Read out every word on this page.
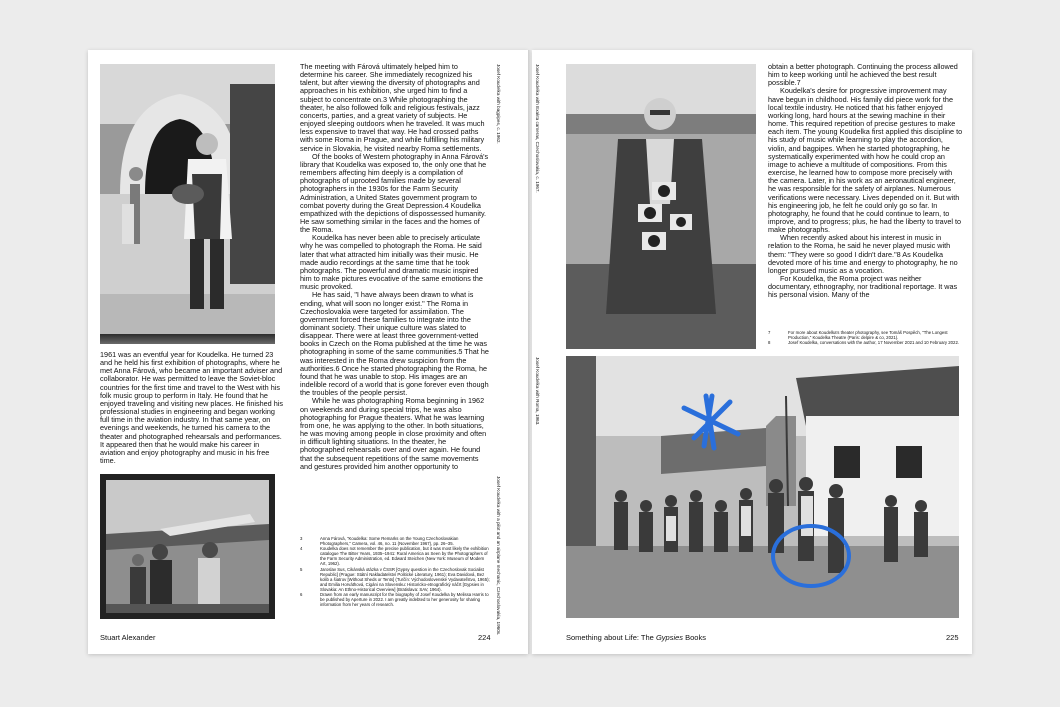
Josef Koudelka with bagpipes, c. 1962.

1961 was an eventful year for Koudelka. He turned 23 and he held his first exhibition of photographs, where he met Anna Fárová, who became an important adviser and collaborator. He was permitted to leave the Soviet-bloc countries for the first time and travel to the West with his folk music group to perform in Italy. He found that he enjoyed traveling and visiting new places. He finished his professional studies in engineering and began working full time in the aviation industry. In that same year, on evenings and weekends, he turned his camera to the theater and photographed rehearsals and performances. It appeared then that he would make his career in aviation and enjoy photography and music in his free time.

Josef Koudelka with a pilot and an airplane mechanic, Czechoslovakia, 1960s.

The meeting with Fárová ultimately helped him to determine his career. She immediately recognized his talent, but after viewing the diversity of photographs and approaches in his exhibition, she urged him to find a subject to concentrate on.3 While photographing the theater, he also followed folk and religious festivals, jazz concerts, parties, and a great variety of subjects. He enjoyed sleeping outdoors when he traveled. It was much less expensive to travel that way. He had crossed paths with some Roma in Prague, and while fulfilling his military service in Slovakia, he visited nearby Roma settlements.

Of the books of Western photography in Anna Fárová's library that Koudelka was exposed to, the only one that he remembers affecting him deeply is a compilation of photographs of uprooted families made by several photographers in the 1930s for the Farm Security Administration, a United States government program to combat poverty during the Great Depression.4 Koudelka empathized with the depictions of dispossessed humanity. He saw something similar in the faces and the homes of the Roma.

Koudelka has never been able to precisely articulate why he was compelled to photograph the Roma. He said later that what attracted him initially was their music. He made audio recordings at the same time that he took photographs. The powerful and dramatic music inspired him to make pictures evocative of the same emotions the music provoked.

He has said, "I have always been drawn to what is ending, what will soon no longer exist." The Roma in Czechoslovakia were targeted for assimilation. The government forced these families to integrate into the dominant society. Their unique culture was slated to disappear. There were at least three government-vetted books in Czech on the Roma published at the time he was photographing in some of the same communities.5 That he was interested in the Roma drew suspicion from the authorities.6 Once he started photographing the Roma, he found that he was unable to stop. His images are an indelible record of a world that is gone forever even though the troubles of the people persist.

While he was photographing Roma beginning in 1962 on weekends and during special trips, he was also photographing for Prague theaters. What he was learning from one, he was applying to the other. In both situations, he was moving among people in close proximity and often in difficult lighting situations. In the theater, he photographed rehearsals over and over again. He found that the subsequent repetitions of the same movements and gestures provided him another opportunity to

3	Anna Fárová, "Koudelka: Some Remarks on the Young Czechoslovakian Photographers," Camera, vol. 46, no. 11 (November 1967), pp. 26–35.
4	Koudelka does not remember the precise publication, but it was most likely the exhibition catalogue The Bitter Years, 1935–1941: Rural America as Seen by the Photographers of the Farm Security Administration, ed. Edward Steichen (New York: Museum of Modern Art, 1962).
5	Jaroslav Sus, Cikánská otázka v ČSSR [Gypsy question in the Czechoslovak Socialist Republic] (Prague: Státní Nakladatelství Politické Literatury, 1961); Eva Davidová, Bez kolib a šiatrov [Without Sheds or Tents] (Turčín: Východoslovenské Vydavateľstvo, 1965); and Emilia Horváthová, Cigáni na Slovensku: Historicko-etnografický náčrt [Gypsies in Slovakia: An Ethno-Historical Overview] (Bratislava: SAV, 1964).
6	Drawn from an early manuscript for the biography of Josef Koudelka by Melissa Harris to be published by Aperture in 2022. I am greatly indebted to her generosity for sharing information from her years of research.
Stuart Alexander	224
Josef Koudelka with Exakta cameras, Czechoslovakia, c. 1967.	obtain a better photograph. Continuing the process allowed him to keep working until he achieved the best result possible.7

Koudelka's desire for progressive improvement may have begun in childhood. His family did piece work for the local textile industry. He noticed that his father enjoyed working long, hard hours at the sewing machine in their home. This required repetition of precise gestures to make each item. The young Koudelka first applied this discipline to his study of music while learning to play the accordion, violin, and bagpipes. When he started photographing, he systematically experimented with how he could crop an image to achieve a multitude of compositions. From this exercise, he learned how to compose more precisely with the camera. Later, in his work as an aeronautical engineer, he was responsible for the safety of airplanes. Numerous verifications were necessary. Lives depended on it. But with his engineering job, he felt he could only go so far. In photography, he found that he could continue to learn, to improve, and to progress; plus, he had the liberty to travel to make photographs.

When recently asked about his interest in music in relation to the Roma, he said he never played music with them: "They were so good I didn't dare."8 As Koudelka devoted more of his time and energy to photography, he no longer pursued music as a vocation.

For Koudelka, the Roma project was neither documentary, ethnography, nor traditional reportage. It was his personal vision. Many of the

7	For more about Koudelka's theater photography, see Tomáš Pospěch, "The Longest Production," Koudelka Theatre (Paris: delpire & co, 2021).
8	Josef Koudelka, conversations with the author, 17 November 2021 and 10 February 2022.
Josef Koudelka with Roma, 1963.
Something about Life: The Gypsies Books	225
